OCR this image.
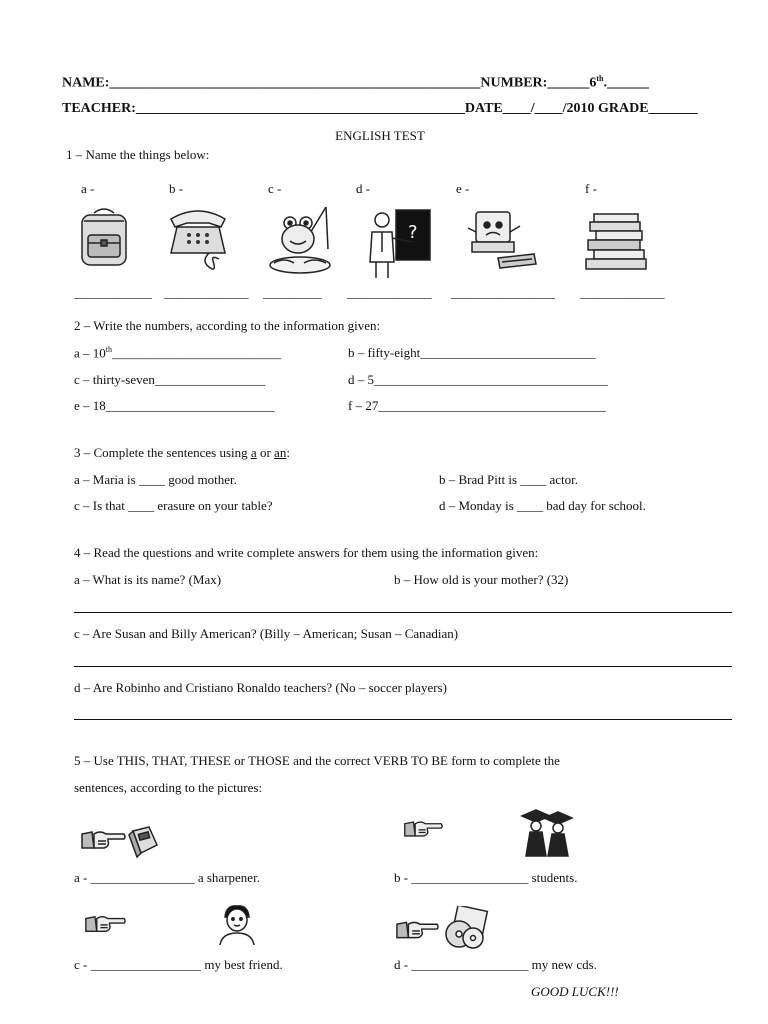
NAME:_____________________________________________________NUMBER:______6th.______
TEACHER:_______________________________________________DATE____/____/2010 GRADE_______
ENGLISH TEST
1 – Name the things below:
a -	b -	c -	d -	e -	f -
?
____________ _____________ _________ _____________ ________________ _____________
2 – Write the numbers, according to the information given:
a – 10th__________________________	b – fifty-eight___________________________
c – thirty-seven_________________	d – 5____________________________________
e – 18__________________________	f – 27___________________________________
3 – Complete the sentences using a or an:
a – Maria is ____ good mother.	b – Brad Pitt is ____ actor.
c – Is that ____ erasure on your table?	d – Monday is ____ bad day for school.
4 – Read the questions and write complete answers for them using the information given:
a – What is its name? (Max)	b – How old is your mother? (32)
c – Are Susan and Billy American? (Billy – American; Susan – Canadian)
d – Are Robinho and Cristiano Ronaldo teachers? (No – soccer players)
5 – Use THIS, THAT, THESE or THOSE and the correct VERB TO BE form to complete the
sentences, according to the pictures:
a - ________________ a sharpener.	b - __________________ students.
c - _________________ my best friend.	d - __________________ my new cds.
GOOD LUCK!!!
